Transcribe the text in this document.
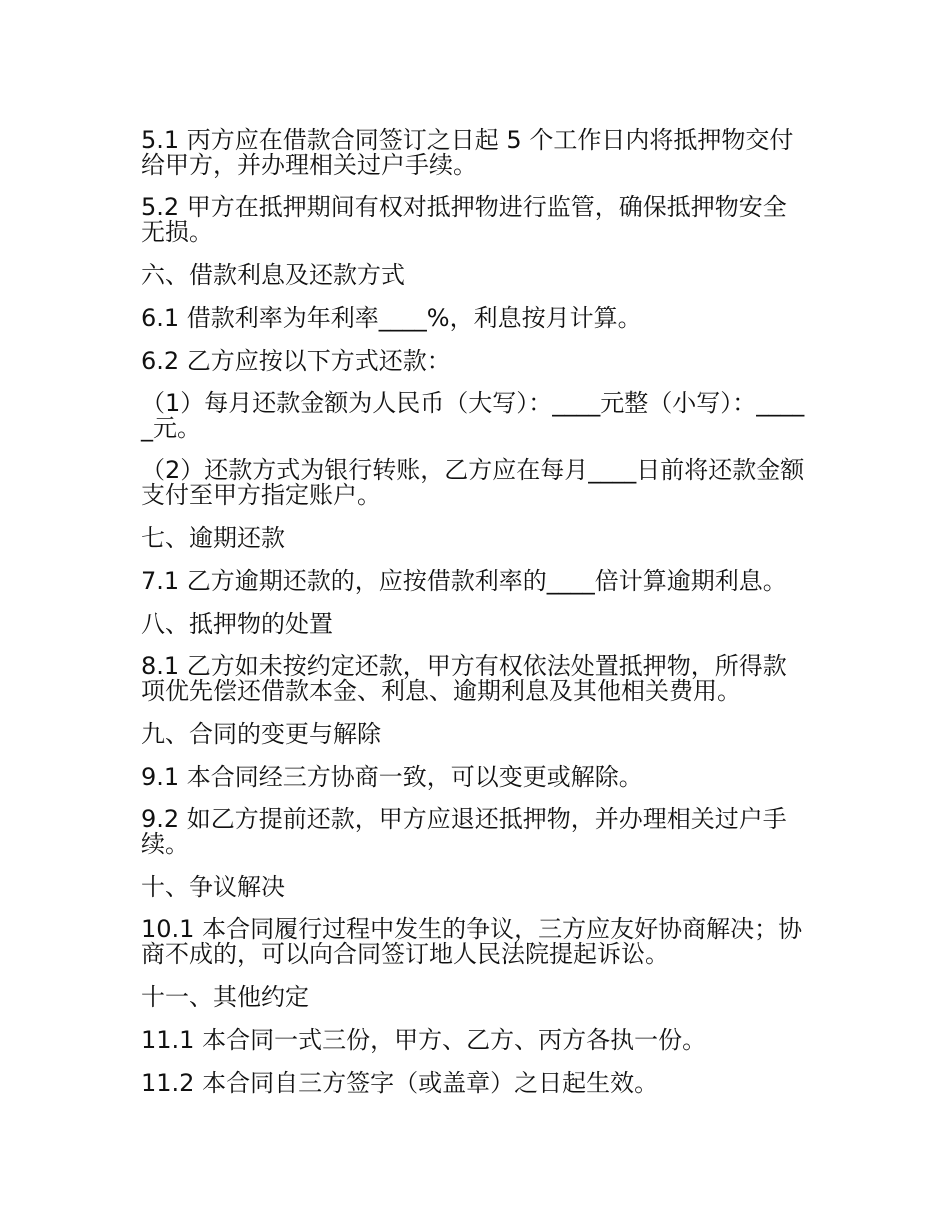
5.1 丙方应在借款合同签订之日起 5 个工作日内将抵押物交付给甲方，并办理相关过户手续。

5.2 甲方在抵押期间有权对抵押物进行监管，确保抵押物安全无损。

六、借款利息及还款方式

6.1 借款利率为年利率____%，利息按月计算。

6.2 乙方应按以下方式还款：

（1）每月还款金额为人民币（大写）：____元整（小写）：_____元。

（2）还款方式为银行转账，乙方应在每月____日前将还款金额支付至甲方指定账户。

七、逾期还款

7.1 乙方逾期还款的，应按借款利率的____倍计算逾期利息。

八、抵押物的处置

8.1 乙方如未按约定还款，甲方有权依法处置抵押物，所得款项优先偿还借款本金、利息、逾期利息及其他相关费用。

九、合同的变更与解除

9.1 本合同经三方协商一致，可以变更或解除。

9.2 如乙方提前还款，甲方应退还抵押物，并办理相关过户手续。

十、争议解决

10.1 本合同履行过程中发生的争议，三方应友好协商解决；协商不成的，可以向合同签订地人民法院提起诉讼。

十一、其他约定

11.1 本合同一式三份，甲方、乙方、丙方各执一份。

11.2 本合同自三方签字（或盖章）之日起生效。
